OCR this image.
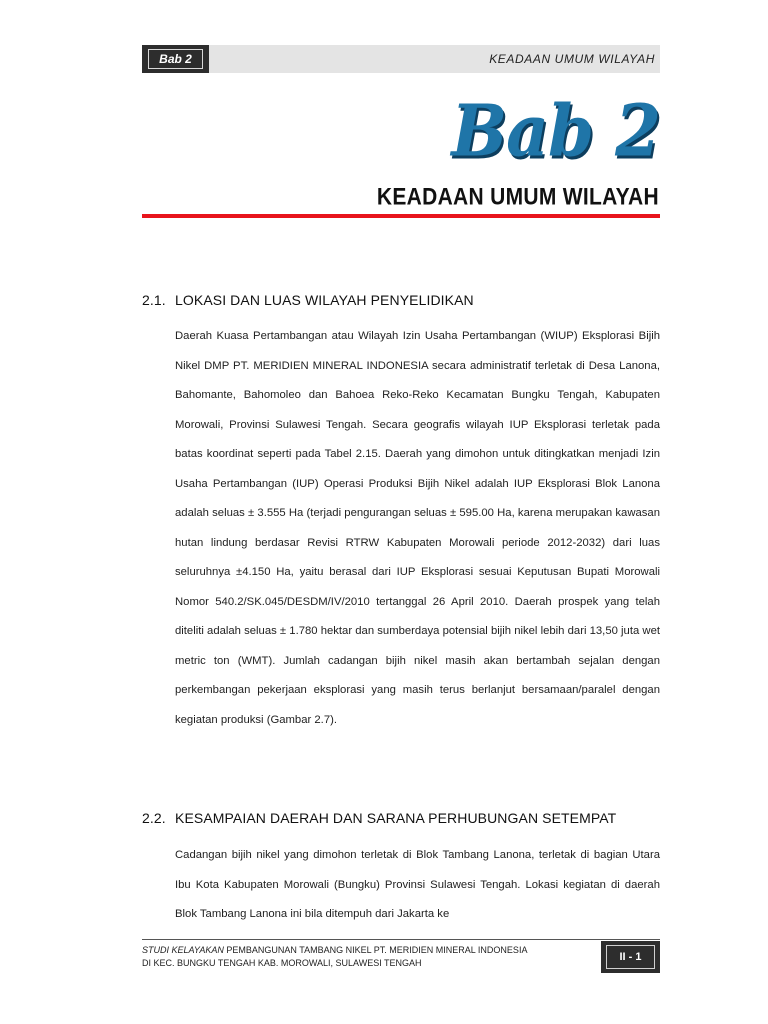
Bab 2	KEADAAN UMUM WILAYAH
Bab 2
KEADAAN UMUM WILAYAH
2.1. LOKASI DAN LUAS WILAYAH PENYELIDIKAN

Daerah Kuasa Pertambangan atau Wilayah Izin Usaha Pertambangan (WIUP) Eksplorasi Bijih Nikel DMP PT. MERIDIEN MINERAL INDONESIA secara administratif terletak di Desa Lanona, Bahomante, Bahomoleo dan Bahoea Reko-Reko Kecamatan Bungku Tengah, Kabupaten Morowali, Provinsi Sulawesi Tengah. Secara geografis wilayah IUP Eksplorasi terletak pada batas koordinat seperti pada Tabel 2.15. Daerah yang dimohon untuk ditingkatkan menjadi Izin Usaha Pertambangan (IUP) Operasi Produksi Bijih Nikel adalah IUP Eksplorasi Blok Lanona adalah seluas ± 3.555 Ha (terjadi pengurangan seluas ± 595.00 Ha, karena merupakan kawasan hutan lindung berdasar Revisi RTRW Kabupaten Morowali periode 2012-2032) dari luas seluruhnya ±4.150 Ha, yaitu berasal dari IUP Eksplorasi sesuai Keputusan Bupati Morowali Nomor 540.2/SK.045/DESDM/IV/2010 tertanggal 26 April 2010. Daerah prospek yang telah diteliti adalah seluas ± 1.780 hektar dan sumberdaya potensial bijih nikel lebih dari 13,50 juta wet metric ton (WMT). Jumlah cadangan bijih nikel masih akan bertambah sejalan dengan perkembangan pekerjaan eksplorasi yang masih terus berlanjut bersamaan/paralel dengan kegiatan produksi (Gambar 2.7).

2.2. KESAMPAIAN DAERAH DAN SARANA PERHUBUNGAN SETEMPAT

Cadangan bijih nikel yang dimohon terletak di Blok Tambang Lanona, terletak di bagian Utara Ibu Kota Kabupaten Morowali (Bungku) Provinsi Sulawesi Tengah. Lokasi kegiatan di daerah Blok Tambang Lanona ini bila ditempuh dari Jakarta ke

STUDI KELAYAKAN PEMBANGUNAN TAMBANG NIKEL PT. MERIDIEN MINERAL INDONESIA
DI KEC. BUNGKU TENGAH KAB. MOROWALI, SULAWESI TENGAH	II - 1
